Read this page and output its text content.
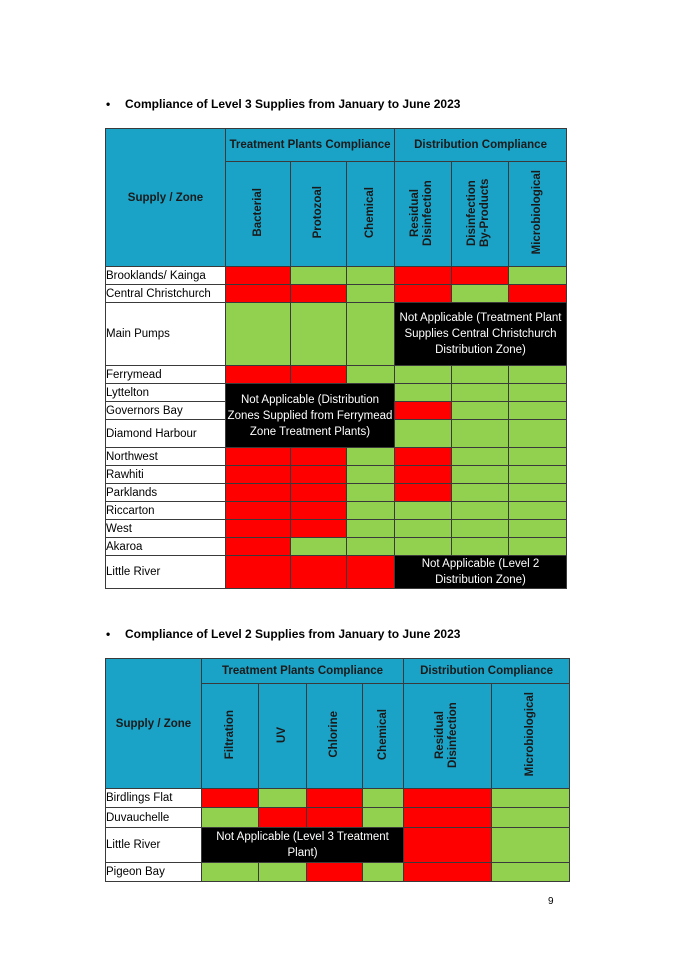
• Compliance of Level 3 Supplies from January to June 2023
Supply / Zone	Treatment Plants Compliance			Distribution Compliance		
	Bacterial	Protozoal	Chemical	Residual Disinfection	Disinfection By-Products	Microbiological
Brooklands/ Kainga						
Central Christchurch						
Main Pumps				Not Applicable (Treatment Plant Supplies Central Christchurch Distribution Zone)		
Ferrymead						
Lyttelton	Not Applicable (Distribution Zones Supplied from Ferrymead Zone Treatment Plants)					
Governors Bay						
Diamond Harbour						
Northwest						
Rawhiti						
Parklands						
Riccarton						
West						
Akaroa						
Little River				Not Applicable (Level 2 Distribution Zone)		
• Compliance of Level 2 Supplies from January to June 2023
Supply / Zone	Treatment Plants Compliance				Distribution Compliance	
	Filtration	UV	Chlorine	Chemical	Residual Disinfection	Microbiological
Birdlings Flat						
Duvauchelle						
Little River	Not Applicable (Level 3 Treatment Plant)					
Pigeon Bay						
9
